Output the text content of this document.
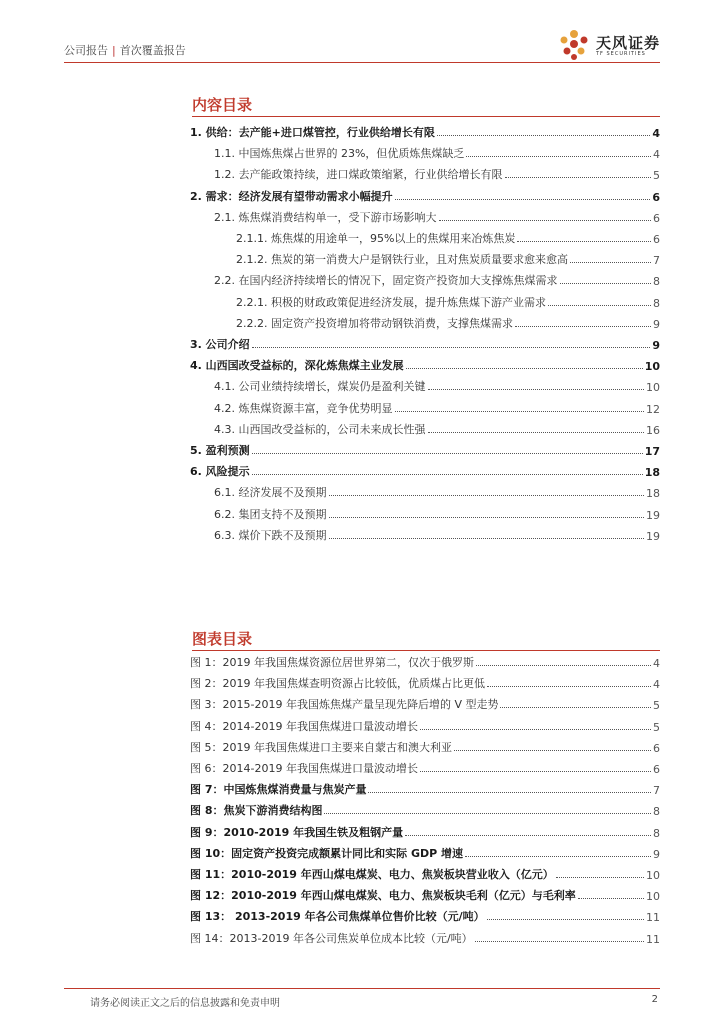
公司报告 | 首次覆盖报告	天风证券
TF SECURITIES
内容目录
1. 供给：去产能+进口煤管控，行业供给增长有限	4
1.1. 中国炼焦煤占世界的 23%，但优质炼焦煤缺乏	4
1.2. 去产能政策持续，进口煤政策缩紧，行业供给增长有限	5
2. 需求：经济发展有望带动需求小幅提升	6
2.1. 炼焦煤消费结构单一，受下游市场影响大	6
2.1.1. 炼焦煤的用途单一，95%以上的焦煤用来冶炼焦炭	6
2.1.2. 焦炭的第一消费大户是钢铁行业，且对焦炭质量要求愈来愈高	7
2.2. 在国内经济持续增长的情况下，固定资产投资加大支撑炼焦煤需求	8
2.2.1. 积极的财政政策促进经济发展，提升炼焦煤下游产业需求	8
2.2.2. 固定资产投资增加将带动钢铁消费，支撑焦煤需求	9
3. 公司介绍	9
4. 山西国改受益标的，深化炼焦煤主业发展	10
4.1. 公司业绩持续增长，煤炭仍是盈利关键	10
4.2. 炼焦煤资源丰富，竞争优势明显	12
4.3. 山西国改受益标的，公司未来成长性强	16
5. 盈利预测	17
6. 风险提示	18
6.1. 经济发展不及预期	18
6.2. 集团支持不及预期	19
6.3. 煤价下跌不及预期	19
图表目录
图 1：2019 年我国焦煤资源位居世界第二，仅次于俄罗斯	4
图 2：2019 年我国焦煤查明资源占比较低，优质煤占比更低	4
图 3：2015-2019 年我国炼焦煤产量呈现先降后增的 V 型走势	5
图 4：2014-2019 年我国焦煤进口量波动增长	5
图 5：2019 年我国焦煤进口主要来自蒙古和澳大利亚	6
图 6：2014-2019 年我国焦煤进口量波动增长	6
图 7：中国炼焦煤消费量与焦炭产量	7
图 8：焦炭下游消费结构图	8
图 9：2010-2019 年我国生铁及粗钢产量	8
图 10：固定资产投资完成额累计同比和实际 GDP 增速	9
图 11：2010-2019 年西山煤电煤炭、电力、焦炭板块营业收入（亿元）	10
图 12：2010-2019 年西山煤电煤炭、电力、焦炭板块毛利（亿元）与毛利率	10
图 13： 2013-2019 年各公司焦煤单位售价比较（元/吨）	11
图 14：2013-2019 年各公司焦炭单位成本比较（元/吨）	11
请务必阅读正文之后的信息披露和免责申明	2
